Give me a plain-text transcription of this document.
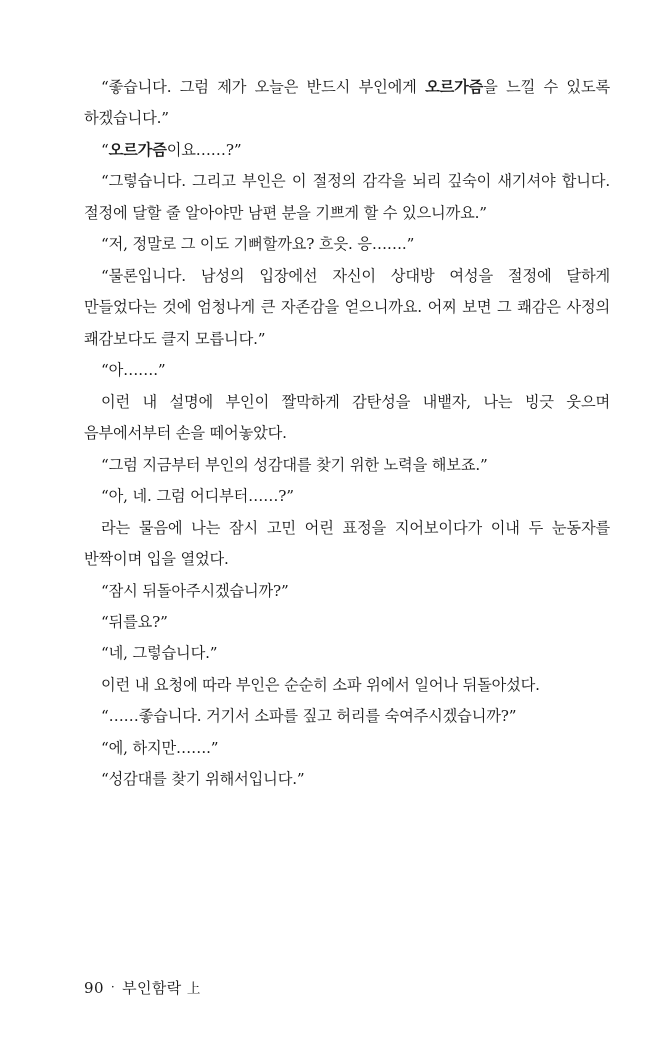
“좋습니다. 그럼 제가 오늘은 반드시 부인에게 오르가즘을 느낄 수 있도록 하겠습니다.”

“오르가즘이요……?”

“그렇습니다. 그리고 부인은 이 절정의 감각을 뇌리 깊숙이 새기셔야 합니다. 절정에 달할 줄 알아야만 남편 분을 기쁘게 할 수 있으니까요.”

“저, 정말로 그 이도 기뻐할까요? 흐읏. 응…….”

“물론입니다. 남성의 입장에선 자신이 상대방 여성을 절정에 달하게 만들었다는 것에 엄청나게 큰 자존감을 얻으니까요. 어찌 보면 그 쾌감은 사정의 쾌감보다도 클지 모릅니다.”

“아…….”

이런 내 설명에 부인이 짤막하게 감탄성을 내뱉자, 나는 빙긋 웃으며 음부에서부터 손을 떼어놓았다.

“그럼 지금부터 부인의 성감대를 찾기 위한 노력을 해보죠.”

“아, 네. 그럼 어디부터……?”

라는 물음에 나는 잠시 고민 어린 표정을 지어보이다가 이내 두 눈동자를 반짝이며 입을 열었다.

“잠시 뒤돌아주시겠습니까?”

“뒤를요?”

“네, 그렇습니다.”

이런 내 요청에 따라 부인은 순순히 소파 위에서 일어나 뒤돌아섰다.

“……좋습니다. 거기서 소파를 짚고 허리를 숙여주시겠습니까?”

“에, 하지만…….”

“성감대를 찾기 위해서입니다.”

90 · 부인함락 上
